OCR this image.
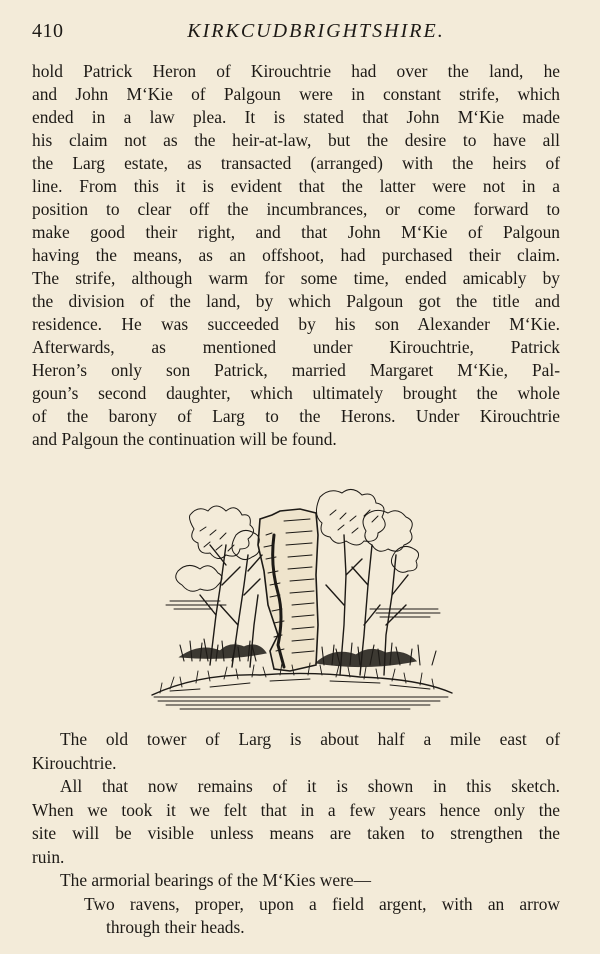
410	KIRKCUDBRIGHTSHIRE.
hold Patrick Heron of Kirouchtrie had over the land, he
and John M‘Kie of Palgoun were in constant strife, which
ended in a law plea. It is stated that John M‘Kie made
his claim not as the heir-at-law, but the desire to have all
the Larg estate, as transacted (arranged) with the heirs of
line. From this it is evident that the latter were not in a
position to clear off the incumbrances, or come forward to
make good their right, and that John M‘Kie of Palgoun
having the means, as an offshoot, had purchased their claim.
The strife, although warm for some time, ended amicably by
the division of the land, by which Palgoun got the title and
residence. He was succeeded by his son Alexander M‘Kie.
Afterwards, as mentioned under Kirouchtrie, Patrick
Heron’s only son Patrick, married Margaret M‘Kie, Pal-
goun’s second daughter, which ultimately brought the whole
of the barony of Larg to the Herons. Under Kirouchtrie
and Palgoun the continuation will be found.
The old tower of Larg is about half a mile east of
Kirouchtrie.
All that now remains of it is shown in this sketch.
When we took it we felt that in a few years hence only the
site will be visible unless means are taken to strengthen the
ruin.
The armorial bearings of the M‘Kies were—
Two ravens, proper, upon a field argent, with an arrow
through their heads.
